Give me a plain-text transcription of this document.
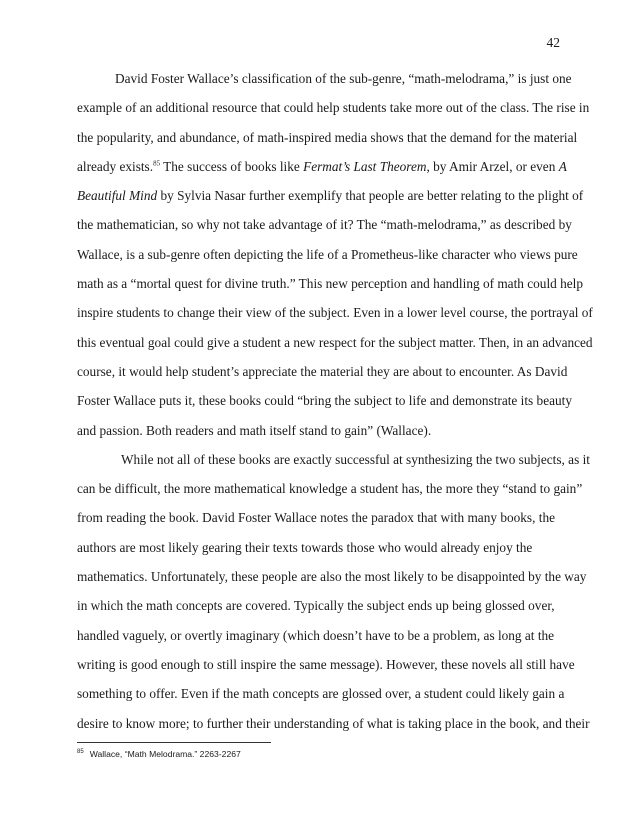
42
David Foster Wallace’s classification of the sub-genre, “math-melodrama,” is just one
example of an additional resource that could help students take more out of the class. The rise in
the popularity, and abundance, of math-inspired media shows that the demand for the material
already exists.$^{85}$ The success of books like Fermat’s Last Theorem, by Amir Arzel, or even A
Beautiful Mind by Sylvia Nasar further exemplify that people are better relating to the plight of
the mathematician, so why not take advantage of it? The “math-melodrama,” as described by
Wallace, is a sub-genre often depicting the life of a Prometheus-like character who views pure
math as a “mortal quest for divine truth.” This new perception and handling of math could help
inspire students to change their view of the subject. Even in a lower level course, the portrayal of
this eventual goal could give a student a new respect for the subject matter. Then, in an advanced
course, it would help student’s appreciate the material they are about to encounter. As David
Foster Wallace puts it, these books could “bring the subject to life and demonstrate its beauty
and passion. Both readers and math itself stand to gain” (Wallace).
While not all of these books are exactly successful at synthesizing the two subjects, as it
can be difficult, the more mathematical knowledge a student has, the more they “stand to gain”
from reading the book. David Foster Wallace notes the paradox that with many books, the
authors are most likely gearing their texts towards those who would already enjoy the
mathematics. Unfortunately, these people are also the most likely to be disappointed by the way
in which the math concepts are covered. Typically the subject ends up being glossed over,
handled vaguely, or overtly imaginary (which doesn’t have to be a problem, as long at the
writing is good enough to still inspire the same message). However, these novels all still have
something to offer. Even if the math concepts are glossed over, a student could likely gain a
desire to know more; to further their understanding of what is taking place in the book, and their
$^{85}$ Wallace, “Math Melodrama.” 2263-2267
